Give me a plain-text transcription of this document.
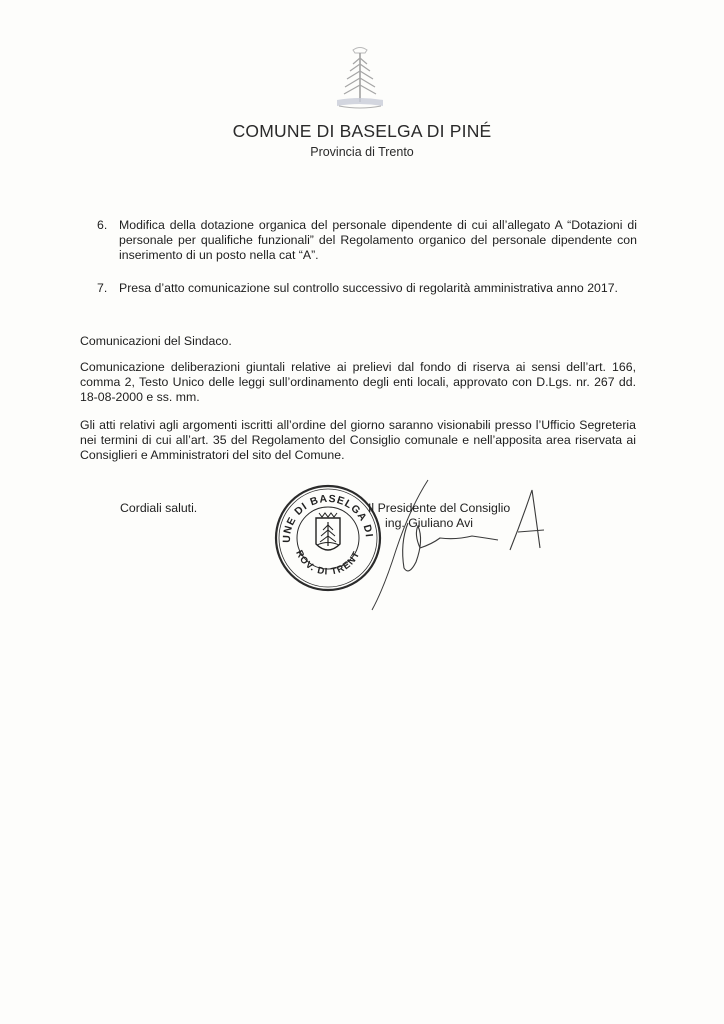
COMUNE DI BASELGA DI PINÉ
Provincia di Trento
6. Modifica della dotazione organica del personale dipendente di cui all’allegato A “Dotazioni di personale per qualifiche funzionali” del Regolamento organico del personale dipendente con inserimento di un posto nella cat “A”.
7. Presa d’atto comunicazione sul controllo successivo di regolarità amministrativa anno 2017.
Comunicazioni del Sindaco.
Comunicazione deliberazioni giuntali relative ai prelievi dal fondo di riserva ai sensi dell’art. 166, comma 2, Testo Unico delle leggi sull’ordinamento degli enti locali, approvato con D.Lgs. nr. 267 dd. 18-08-2000 e ss. mm.
Gli atti relativi agli argomenti iscritti all’ordine del giorno saranno visionabili presso l’Ufficio Segreteria nei termini di cui all’art. 35 del Regolamento del Consiglio comunale e nell’apposita area riservata ai Consiglieri e Amministratori del sito del Comune.
Cordiali saluti.
UNE DI BASELGA DI
ROV. DI TRENT
Il Presidente del Consiglio
ing. Giuliano Avi
